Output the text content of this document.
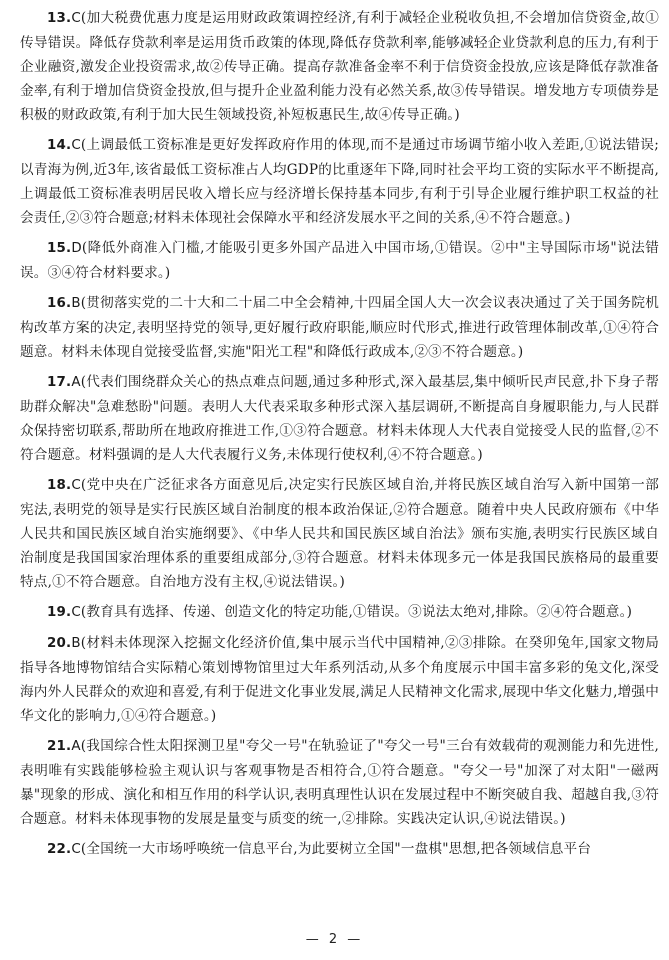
13.C(加大税费优惠力度是运用财政政策调控经济,有利于减轻企业税收负担,不会增加信贷资金,故①传导错误。降低存贷款利率是运用货币政策的体现,降低存贷款利率,能够减轻企业贷款利息的压力,有利于企业融资,激发企业投资需求,故②传导正确。提高存款准备金率不利于信贷资金投放,应该是降低存款准备金率,有利于增加信贷资金投放,但与提升企业盈利能力没有必然关系,故③传导错误。增发地方专项债券是积极的财政政策,有利于加大民生领域投资,补短板惠民生,故④传导正确。)

14.C(上调最低工资标准是更好发挥政府作用的体现,而不是通过市场调节缩小收入差距,①说法错误;以青海为例,近3年,该省最低工资标准占人均GDP的比重逐年下降,同时社会平均工资的实际水平不断提高,上调最低工资标准表明居民收入增长应与经济增长保持基本同步,有利于引导企业履行维护职工权益的社会责任,②③符合题意;材料未体现社会保障水平和经济发展水平之间的关系,④不符合题意。)

15.D(降低外商准入门槛,才能吸引更多外国产品进入中国市场,①错误。②中"主导国际市场"说法错误。③④符合材料要求。)

16.B(贯彻落实党的二十大和二十届二中全会精神,十四届全国人大一次会议表决通过了关于国务院机构改革方案的决定,表明坚持党的领导,更好履行政府职能,顺应时代形式,推进行政管理体制改革,①④符合题意。材料未体现自觉接受监督,实施"阳光工程"和降低行政成本,②③不符合题意。)

17.A(代表们围绕群众关心的热点难点问题,通过多种形式,深入最基层,集中倾听民声民意,扑下身子帮助群众解决"急难愁盼"问题。表明人大代表采取多种形式深入基层调研,不断提高自身履职能力,与人民群众保持密切联系,帮助所在地政府推进工作,①③符合题意。材料未体现人大代表自觉接受人民的监督,②不符合题意。材料强调的是人大代表履行义务,未体现行使权利,④不符合题意。)

18.C(党中央在广泛征求各方面意见后,决定实行民族区域自治,并将民族区域自治写入新中国第一部宪法,表明党的领导是实行民族区域自治制度的根本政治保证,②符合题意。随着中央人民政府颁布《中华人民共和国民族区域自治实施纲要》、《中华人民共和国民族区域自治法》颁布实施,表明实行民族区域自治制度是我国国家治理体系的重要组成部分,③符合题意。材料未体现多元一体是我国民族格局的最重要特点,①不符合题意。自治地方没有主权,④说法错误。)

19.C(教育具有选择、传递、创造文化的特定功能,①错误。③说法太绝对,排除。②④符合题意。)

20.B(材料未体现深入挖掘文化经济价值,集中展示当代中国精神,②③排除。在癸卯兔年,国家文物局指导各地博物馆结合实际精心策划博物馆里过大年系列活动,从多个角度展示中国丰富多彩的兔文化,深受海内外人民群众的欢迎和喜爱,有利于促进文化事业发展,满足人民精神文化需求,展现中华文化魅力,增强中华文化的影响力,①④符合题意。)

21.A(我国综合性太阳探测卫星"夸父一号"在轨验证了"夸父一号"三台有效载荷的观测能力和先进性,表明唯有实践能够检验主观认识与客观事物是否相符合,①符合题意。"夸父一号"加深了对太阳"一磁两暴"现象的形成、演化和相互作用的科学认识,表明真理性认识在发展过程中不断突破自我、超越自我,③符合题意。材料未体现事物的发展是量变与质变的统一,②排除。实践决定认识,④说法错误。)

22.C(全国统一大市场呼唤统一信息平台,为此要树立全国"一盘棋"思想,把各领域信息平台

— 2 —
